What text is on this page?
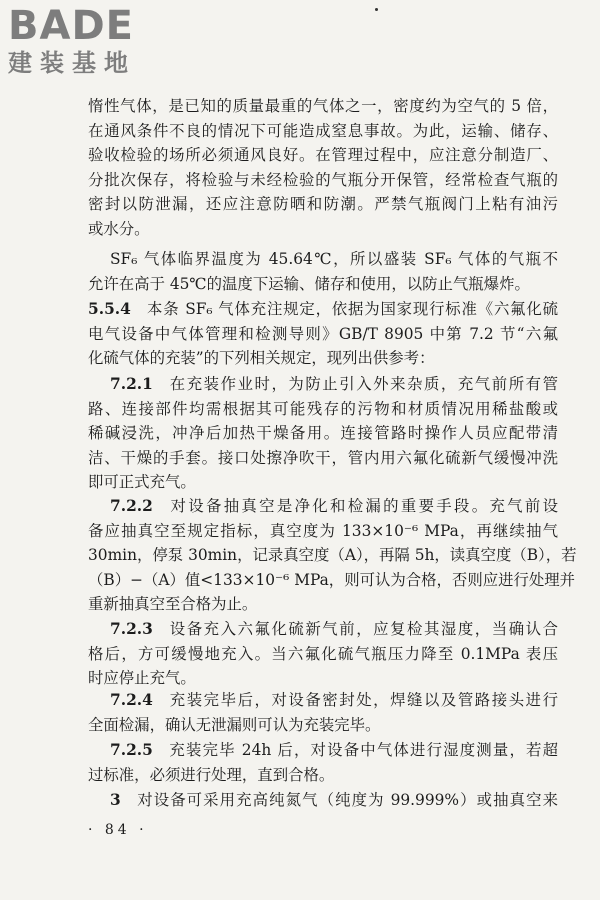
BADE
建装基地
惰性气体，是已知的质量最重的气体之一，密度约为空气的 5 倍，
在通风条件不良的情况下可能造成窒息事故。为此，运输、储存、
验收检验的场所必须通风良好。在管理过程中，应注意分制造厂、
分批次保存，将检验与未经检验的气瓶分开保管，经常检查气瓶的
密封以防泄漏，还应注意防晒和防潮。严禁气瓶阀门上粘有油污
或水分。
SF₆ 气体临界温度为 45.64℃，所以盛装 SF₆ 气体的气瓶不
允许在高于 45℃的温度下运输、储存和使用，以防止气瓶爆炸。
5.5.4  本条 SF₆ 气体充注规定，依据为国家现行标准《六氟化硫
电气设备中气体管理和检测导则》GB/T 8905 中第 7.2 节“六氟
化硫气体的充装”的下列相关规定，现列出供参考：
7.2.1  在充装作业时，为防止引入外来杂质，充气前所有管
路、连接部件均需根据其可能残存的污物和材质情况用稀盐酸或
稀碱浸洗，冲净后加热干燥备用。连接管路时操作人员应配带清
洁、干燥的手套。接口处擦净吹干，管内用六氟化硫新气缓慢冲洗
即可正式充气。
7.2.2  对设备抽真空是净化和检漏的重要手段。充气前设
备应抽真空至规定指标，真空度为 133×10⁻⁶ MPa，再继续抽气
30min，停泵 30min，记录真空度（A），再隔 5h，读真空度（B），若
（B）−（A）值<133×10⁻⁶ MPa，则可认为合格，否则应进行处理并
重新抽真空至合格为止。
7.2.3  设备充入六氟化硫新气前，应复检其湿度，当确认合
格后，方可缓慢地充入。当六氟化硫气瓶压力降至 0.1MPa 表压
时应停止充气。
7.2.4  充装完毕后，对设备密封处，焊缝以及管路接头进行
全面检漏，确认无泄漏则可认为充装完毕。
7.2.5  充装完毕 24h 后，对设备中气体进行湿度测量，若超
过标准，必须进行处理，直到合格。
3  对设备可采用充高纯氮气（纯度为 99.999%）或抽真空来
· 84 ·
